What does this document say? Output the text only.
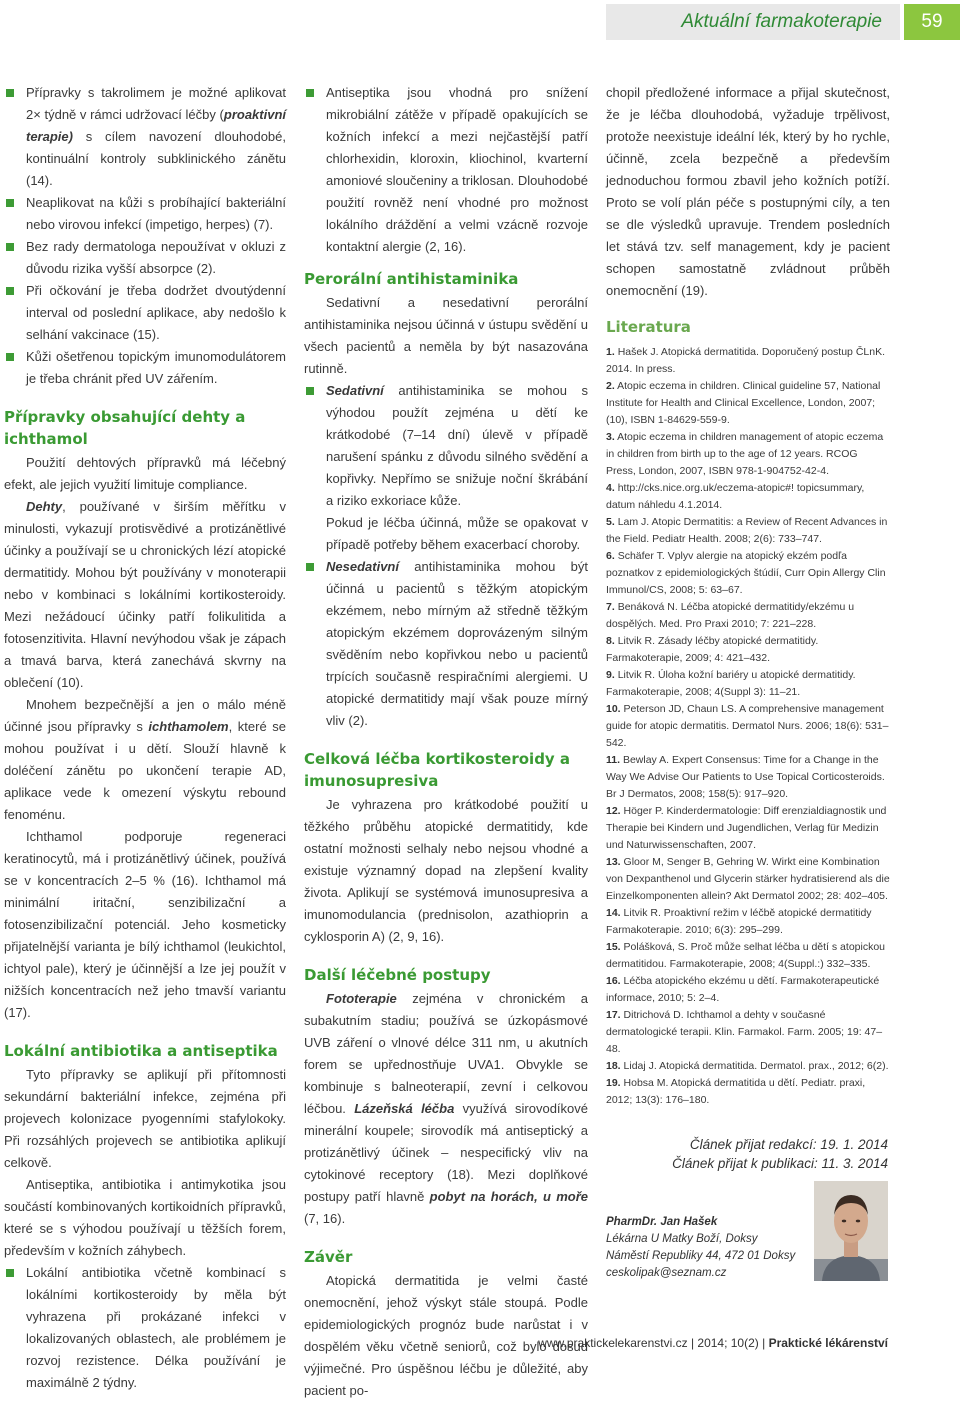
Aktuální farmakoterapie	59
Přípravky s takrolimem je možné aplikovat 2× týdně v rámci udržovací léčby (proaktivní terapie) s cílem navození dlouhodobé, kontinuální kontroly subklinického zánětu (14).
Neaplikovat na kůži s probíhající bakteriální nebo virovou infekcí (impetigo, herpes) (7).
Bez rady dermatologa nepoužívat v okluzi z důvodu rizika vyšší absorpce (2).
Při očkování je třeba dodržet dvoutýdenní interval od poslední aplikace, aby nedošlo k selhání vakcinace (15).
Kůži ošetřenou topickým imunomodulátorem je třeba chránit před UV zářením.
Přípravky obsahující dehty a ichthamol

Použití dehtových přípravků má léčebný efekt, ale jejich využití limituje compliance.

Dehty, používané v širším měřítku v minulosti, vykazují protisvědivé a protizánětlivé účinky a používají se u chronických lézí atopické dermatitidy. Mohou být používány v monoterapii nebo v kombinaci s lokálními kortikosteroidy. Mezi nežádoucí účinky patří folikulitida a fotosenzitivita. Hlavní nevýhodou však je zápach a tmavá barva, která zanechává skvrny na oblečení (10).

Mnohem bezpečnější a jen o málo méně účinné jsou přípravky s ichthamolem, které se mohou používat i u dětí. Slouží hlavně k doléčení zánětu po ukončení terapie AD, aplikace vede k omezení výskytu rebound fenoménu.

Ichthamol podporuje regeneraci keratinocytů, má i protizánětlivý účinek, používá se v koncentracích 2–5 % (16). Ichthamol má minimální iritační, senzibilizační a fotosenzibilizační potenciál. Jeho kosmeticky přijatelnější varianta je bílý ichthamol (leukichtol, ichtyol pale), který je účinnější a lze jej použít v nižších koncentracích než jeho tmavší variantu (17).

Lokální antibiotika a antiseptika

Tyto přípravky se aplikují při přítomnosti sekundární bakteriální infekce, zejména při projevech kolonizace pyogenními stafylokoky. Při rozsáhlých projevech se antibiotika aplikují celkově.

Antiseptika, antibiotika i antimykotika jsou součástí kombinovaných kortikoidních přípravků, které se s výhodou používají u těžších forem, především v kožních záhybech.

Lokální antibiotika včetně kombinací s lokálními kortikosteroidy by měla být vyhrazena při prokázané infekci v lokalizovaných oblastech, ale problémem je rozvoj rezistence. Délka používání je maximálně 2 týdny.
Antiseptika jsou vhodná pro snížení mikrobiální zátěže v případě opakujících se kožních infekcí a mezi nejčastější patří chlorhexidin, kloroxin, kliochinol, kvarterní amoniové sloučeniny a triklosan. Dlouhodobé použití rovněž není vhodné pro možnost lokálního dráždění a velmi vzácně rozvoje kontaktní alergie (2, 16).
Perorální antihistaminika

Sedativní a nesedativní perorální antihistaminika nejsou účinná v ústupu svědění u všech pacientů a neměla by být nasazována rutinně.

Sedativní antihistaminika se mohou s výhodou použít zejména u dětí ke krátkodobé (7–14 dní) úlevě v případě narušení spánku z důvodu silného svědění a kopřivky. Nepřímo se snižuje noční škrábání a riziko exkoriace kůže.

Pokud je léčba účinná, může se opakovat v případě potřeby během exacerbací choroby.

Nesedativní antihistaminika mohou být účinná u pacientů s těžkým atopickým ekzémem, nebo mírným až středně těžkým atopickým ekzémem doprovázeným silným svěděním nebo kopřivkou nebo u pacientů trpících současně respiračními alergiemi. U atopické dermatitidy mají však pouze mírný vliv (2).
Celková léčba kortikosteroidy a imunosupresiva

Je vyhrazena pro krátkodobé použití u těžkého průběhu atopické dermatitidy, kde ostatní možnosti selhaly nebo nejsou vhodné a existuje významný dopad na zlepšení kvality života. Aplikují se systémová imunosupresiva a imunomodulancia (prednisolon, azathioprin a cyklosporin A) (2, 9, 16).

Další léčebné postupy

Fototerapie zejména v chronickém a subakutním stadiu; používá se úzkopásmové UVB záření o vlnové délce 311 nm, u akutních forem se upřednostňuje UVA1. Obvykle se kombinuje s balneoterapií, zevní i celkovou léčbou. Lázeňská léčba využívá sirovodíkové minerální koupele; sirovodík má antiseptický a protizánětlivý účinek – nespecifický vliv na cytokinové receptory (18). Mezi doplňkové postupy patří hlavně pobyt na horách, u moře (7, 16).

Závěr

Atopická dermatitida je velmi časté onemocnění, jehož výskyt stále stoupá. Podle epidemiologických prognóz bude narůstat i v dospělém věku včetně seniorů, což bylo dosud výjimečné. Pro úspěšnou léčbu je důležité, aby pacient po-

chopil předložené informace a přijal skutečnost, že je léčba dlouhodobá, vyžaduje trpělivost, protože neexistuje ideální lék, který by ho rychle, účinně, zcela bezpečně a především jednoduchou formou zbavil jeho kožních potíží. Proto se volí plán péče s postupnými cíly, a ten se dle výsledků upravuje. Trendem posledních let stává tzv. self management, kdy je pacient schopen samostatně zvládnout průběh onemocnění (19).

Literatura
1. Hašek J. Atopická dermatitida. Doporučený postup ČLnK. 2014. In press.
2. Atopic eczema in children. Clinical guideline 57, National Institute for Health and Clinical Excellence, London, 2007; (10), ISBN 1-84629-559-9.
3. Atopic eczema in children management of atopic eczema in children from birth up to the age of 12 years. RCOG Press, London, 2007, ISBN 978-1-904752-42-4.
4. http://cks.nice.org.uk/eczema-atopic#! topicsummary, datum náhledu 4.1.2014.
5. Lam J. Atopic Dermatitis: a Review of Recent Advances in the Field. Pediatr Health. 2008; 2(6): 733–747.
6. Schäfer T. Vplyv alergie na atopický ekzém podľa poznatkov z epidemiologických štúdií, Curr Opin Allergy Clin Immunol/CS, 2008; 5: 63–67.
7. Benáková N. Léčba atopické dermatitidy/ekzému u dospělých. Med. Pro Praxi 2010; 7: 221–228.
8. Litvik R. Zásady léčby atopické dermatitidy. Farmakoterapie, 2009; 4: 421–432.
9. Litvik R. Úloha kožní bariéry u atopické dermatitidy. Farmakoterapie, 2008; 4(Suppl 3): 11–21.
10. Peterson JD, Chaun LS. A comprehensive management guide for atopic dermatitis. Dermatol Nurs. 2006; 18(6): 531–542.
11. Bewlay A. Expert Consensus: Time for a Change in the Way We Advise Our Patients to Use Topical Corticosteroids. Br J Dermatos, 2008; 158(5): 917–920.
12. Höger P. Kinderdermatologie: Diff erenzialdiagnostik und Therapie bei Kindern und Jugendlichen, Verlag für Medizin und Naturwissenschaften, 2007.
13. Gloor M, Senger B, Gehring W. Wirkt eine Kombination von Dexpanthenol und Glycerin stärker hydratisierend als die Einzelkomponenten allein? Akt Dermatol 2002; 28: 402–405.
14. Litvik R. Proaktivní režim v léčbě atopické dermatitidy Farmakoterapie. 2010; 6(3): 295–299.
15. Polášková, S. Proč může selhat léčba u dětí s atopickou dermatitidou. Farmakoterapie, 2008; 4(Suppl.:) 332–335.
16. Léčba atopického ekzému u dětí. Farmakoterapeutické informace, 2010; 5: 2–4.
17. Ditrichová D. Ichthamol a dehty v současné dermatologické terapii. Klin. Farmakol. Farm. 2005; 19: 47–48.
18. Lidaj J. Atopická dermatitida. Dermatol. prax., 2012; 6(2).
19. Hobsa M. Atopická dermatitida u dětí. Pediatr. praxi, 2012; 13(3): 176–180.
Článek přijat redakcí: 19. 1. 2014
Článek přijat k publikaci: 11. 3. 2014
PharmDr. Jan Hašek
Lékárna U Matky Boží, Doksy
Náměstí Republiky 44, 472 01 Doksy
ceskolipak@seznam.cz
www.praktickelekarenstvi.cz | 2014; 10(2) | Praktické lékárenství
